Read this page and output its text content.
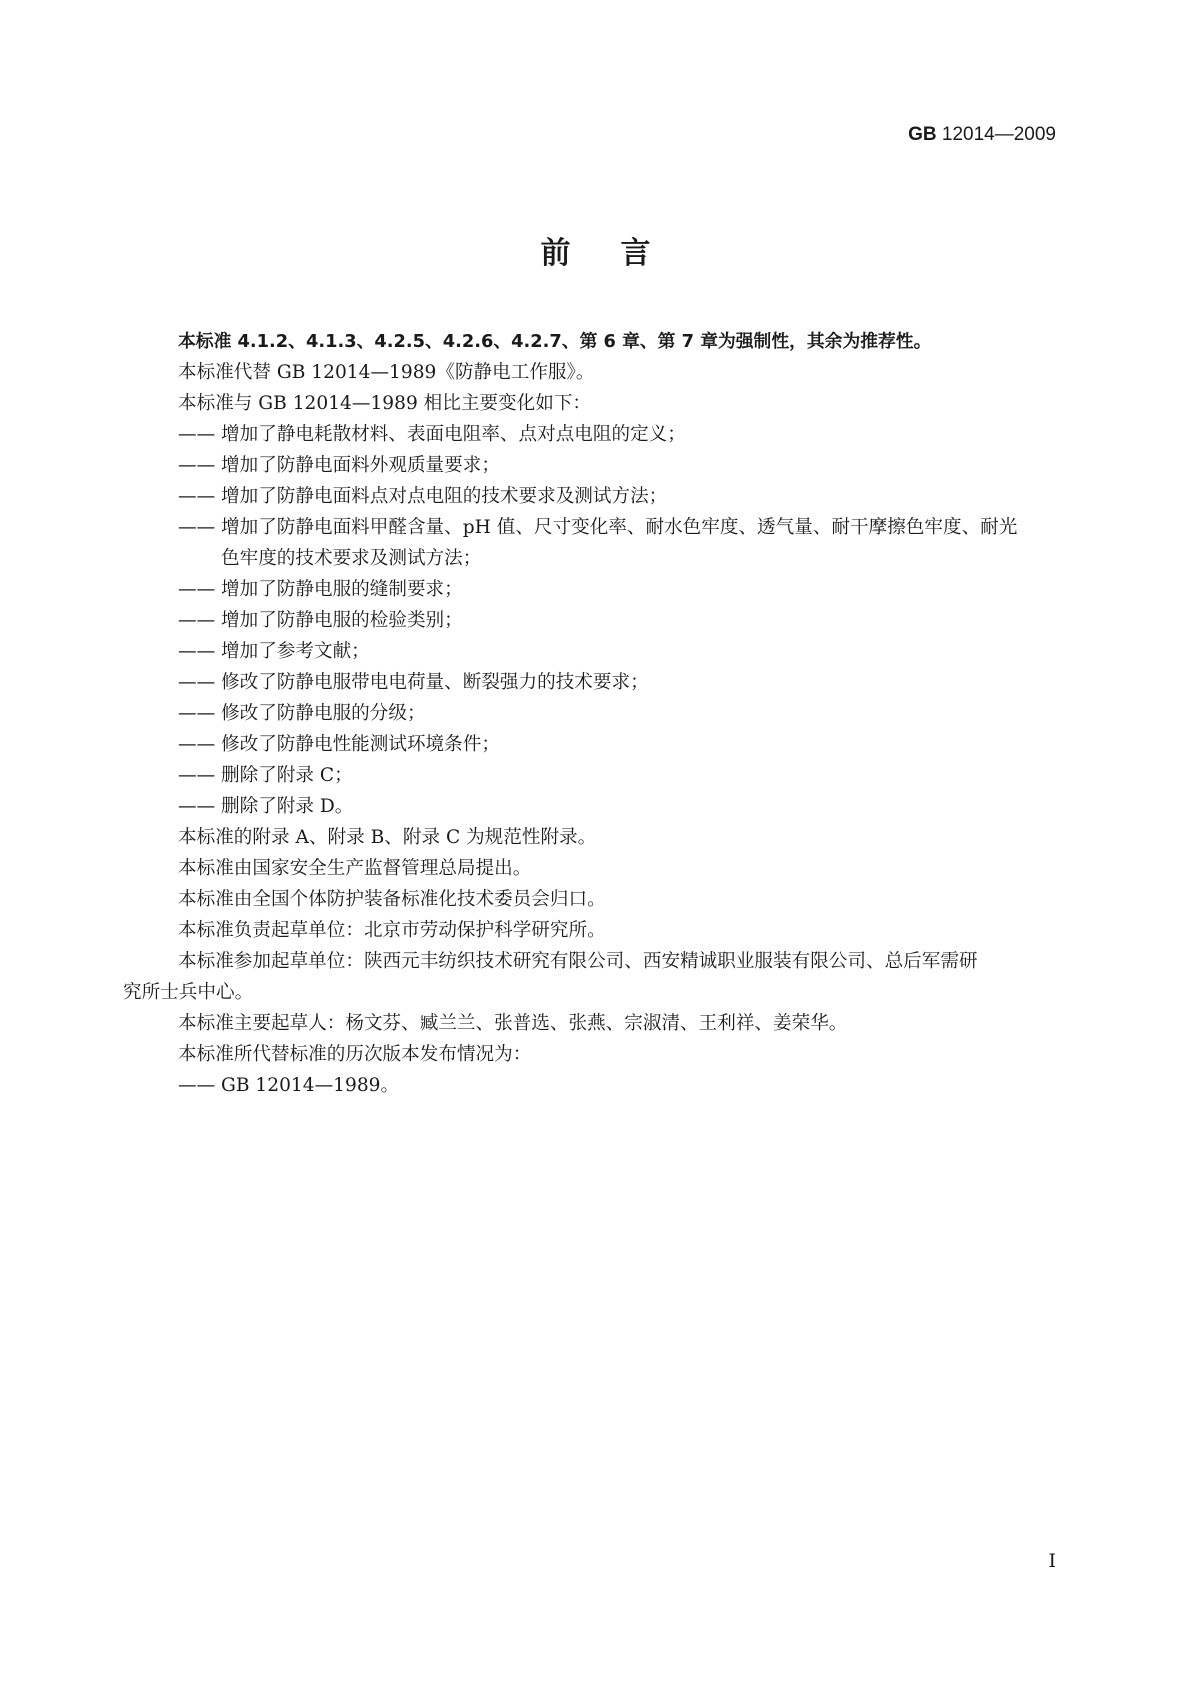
GB 12014—2009
前言
本标准 4.1.2、4.1.3、4.2.5、4.2.6、4.2.7、第 6 章、第 7 章为强制性，其余为推荐性。
本标准代替 GB 12014—1989《防静电工作服》。
本标准与 GB 12014—1989 相比主要变化如下：
—— 增加了静电耗散材料、表面电阻率、点对点电阻的定义；
—— 增加了防静电面料外观质量要求；
—— 增加了防静电面料点对点电阻的技术要求及测试方法；
—— 增加了防静电面料甲醛含量、pH 值、尺寸变化率、耐水色牢度、透气量、耐干摩擦色牢度、耐光
色牢度的技术要求及测试方法；
—— 增加了防静电服的缝制要求；
—— 增加了防静电服的检验类别；
—— 增加了参考文献；
—— 修改了防静电服带电电荷量、断裂强力的技术要求；
—— 修改了防静电服的分级；
—— 修改了防静电性能测试环境条件；
—— 删除了附录 C；
—— 删除了附录 D。
本标准的附录 A、附录 B、附录 C 为规范性附录。
本标准由国家安全生产监督管理总局提出。
本标准由全国个体防护装备标准化技术委员会归口。
本标准负责起草单位：北京市劳动保护科学研究所。
本标准参加起草单位：陕西元丰纺织技术研究有限公司、西安精诚职业服装有限公司、总后军需研
究所士兵中心。
本标准主要起草人：杨文芬、臧兰兰、张普选、张燕、宗淑清、王利祥、姜荣华。
本标准所代替标准的历次版本发布情况为：
—— GB 12014—1989。
I
